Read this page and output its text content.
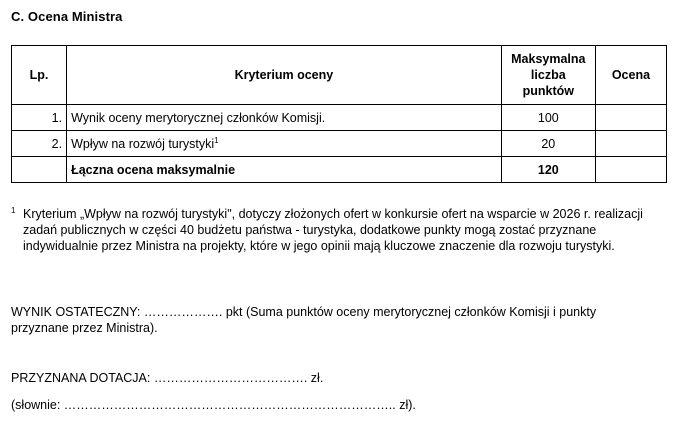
C. Ocena Ministra
Lp.	Kryterium oceny	Maksymalna
liczba
punktów	Ocena
1.	Wynik oceny merytorycznej członków Komisji.	100	
2.	Wpływ na rozwój turystyki$^1$	20	
	Łączna ocena maksymalnie	120	
1 Kryterium „Wpływ na rozwój turystyki", dotyczy złożonych ofert w konkursie ofert na wsparcie w 2026 r. realizacji zadań publicznych w części 40 budżetu państwa - turystyka, dodatkowe punkty mogą zostać przyznane indywidualnie przez Ministra na projekty, które w jego opinii mają kluczowe znaczenie dla rozwoju turystyki.
WYNIK OSTATECZNY: ………………. pkt (Suma punktów oceny merytorycznej członków Komisji i punkty przyznane przez Ministra).
PRZYZNANA DOTACJA: ………………………………. zł.
(słownie: …………………………………………………………………….. zł).
